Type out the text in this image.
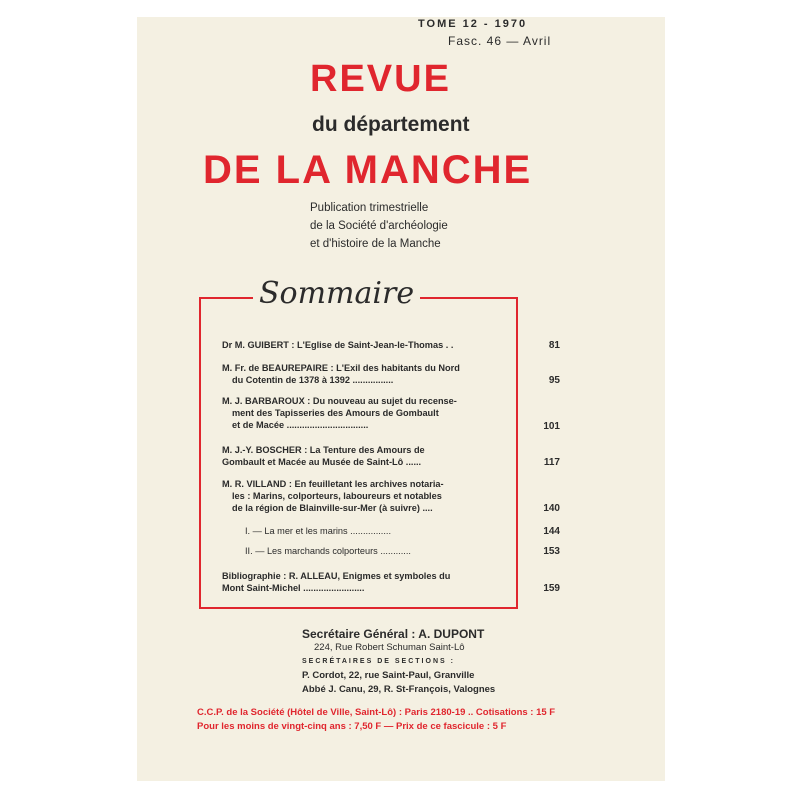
TOME 12 - 1970
Fasc. 46 — Avril
REVUE
du département
DE LA MANCHE
Publication trimestrielle
de la Société d'archéologie
et d'histoire de la Manche
Sommaire
Dr M. GUIBERT : L'Eglise de Saint-Jean-le-Thomas . .	81
M. Fr. de BEAUREPAIRE : L'Exil des habitants du Nord
du Cotentin de 1378 à 1392 ................	95
M. J. BARBAROUX : Du nouveau au sujet du recense-
ment des Tapisseries des Amours de Gombault
et de Macée ................................	101
M. J.-Y. BOSCHER : La Tenture des Amours de
Gombault et Macée au Musée de Saint-Lô ......	117
M. R. VILLAND : En feuilletant les archives notaria-
les : Marins, colporteurs, laboureurs et notables
de la région de Blainville-sur-Mer (à suivre) ....	140
I. — La mer et les marins ................	144
II. — Les marchands colporteurs ............	153
Bibliographie : R. ALLEAU, Enigmes et symboles du
Mont Saint-Michel ........................	159
Secrétaire Général : A. DUPONT
224, Rue Robert Schuman Saint-Lô
SECRÉTAIRES DE SECTIONS :
P. Cordot, 22, rue Saint-Paul, Granville
Abbé J. Canu, 29, R. St-François, Valognes
C.C.P. de la Société (Hôtel de Ville, Saint-Lô) : Paris 2180-19 .. Cotisations : 15 F
Pour les moins de vingt-cinq ans : 7,50 F — Prix de ce fascicule : 5 F
